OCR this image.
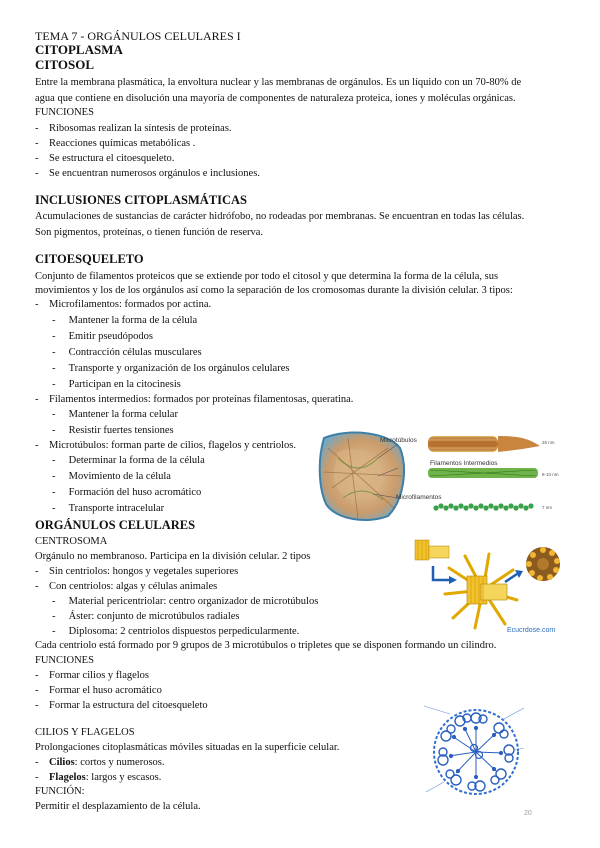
TEMA 7 - ORGÁNULOS CELULARES I
CITOPLASMA
CITOSOL
Entre la membrana plasmática, la envoltura nuclear y las membranas de orgánulos. Es un líquido con un 70-80% de
agua que contiene en disolución una mayoría de componentes de naturaleza proteica, iones y moléculas orgánicas.
FUNCIONES
-    Ribosomas realizan la síntesis de proteínas.
-    Reacciones químicas metabólicas .
-    Se estructura el citoesqueleto.
-    Se encuentran numerosos orgánulos e inclusiones.
INCLUSIONES CITOPLASMÁTICAS
Acumulaciones de sustancias de carácter hidrófobo, no rodeadas por membranas. Se encuentran en todas las células.
Son pigmentos, proteínas, o tienen función de reserva.
CITOESQUELETO
Conjunto de filamentos proteicos que se extiende por todo el citosol y que determina la forma de la célula, sus
movimientos y los de los orgánulos así como la separación de los cromosomas durante la división celular. 3 tipos:
-    Microfilamentos: formados por actina.
-     Mantener la forma de la célula
-     Emitir pseudópodos
-     Contracción células musculares
-     Transporte y organización de los orgánulos celulares
-     Participan en la citocinesis
-    Filamentos intermedios: formados por proteínas filamentosas, queratina.
-     Mantener la forma celular
-     Resistir fuertes tensiones
-    Microtúbulos: forman parte de cilios, flagelos y centriolos.
-     Determinar la forma de la célula
-     Movimiento de la célula
-     Formación del huso acromático
-     Transporte intracelular
Microtúbulos
Filamentos Intermedios
Microfilamentos
25 nm
8-10 nm
7 nm
ORGÁNULOS CELULARES
CENTROSOMA
Orgánulo no membranoso. Participa en la división celular. 2 tipos
-    Sin centriolos: hongos y vegetales superiores
-    Con centriolos: algas y células animales
-     Material pericentriolar: centro organizador de microtúbulos
-     Áster: conjunto de microtúbulos radiales
-     Diplosoma: 2 centriolos dispuestos perpedicularmente.
Cada centriolo está formado por 9 grupos de 3 microtúbulos o tripletes que se disponen formando un cilindro.
FUNCIONES
-    Formar cilios y flagelos
-    Formar el huso acromático
-    Formar la estructura del citoesqueleto
Ecucrdose.com
CILIOS Y FLAGELOS
Prolongaciones citoplasmáticas móviles situadas en la superficie celular.
-    Cilios: cortos y numerosos.
-    Flagelos: largos y escasos.
FUNCIÓN:
Permitir el desplazamiento de la célula.
20
